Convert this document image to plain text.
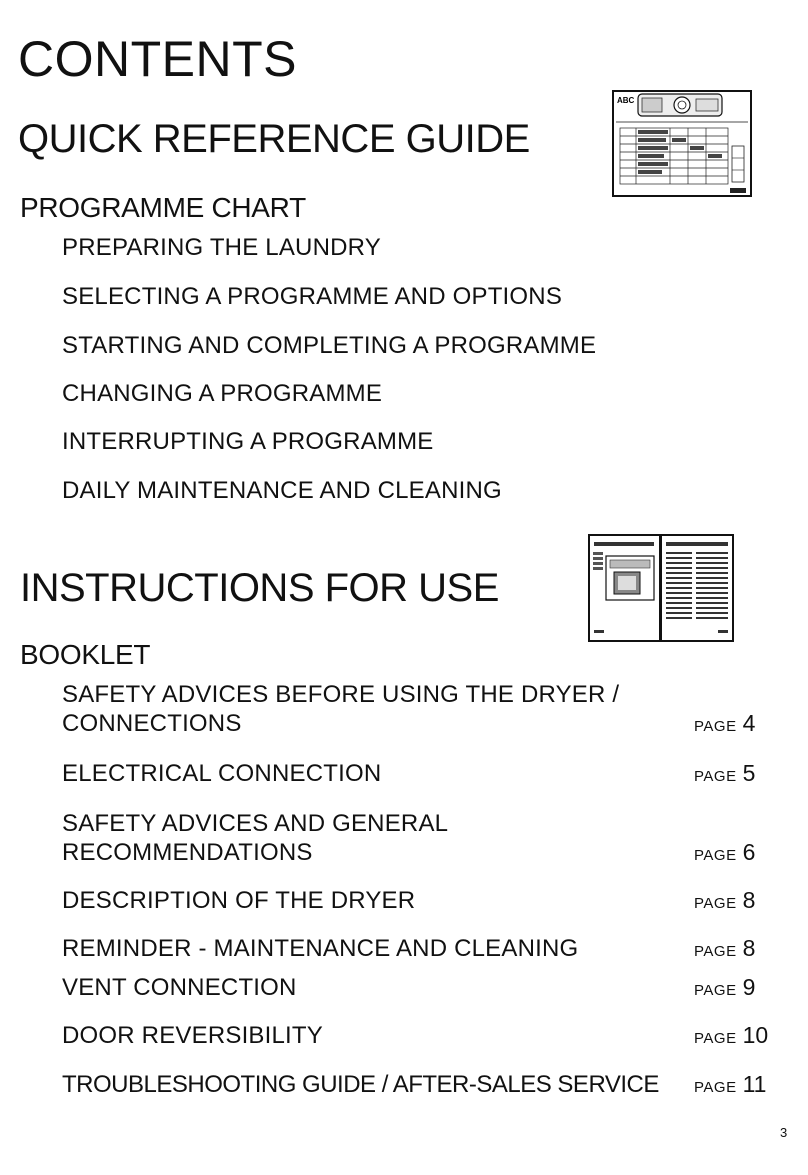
CONTENTS
QUICK REFERENCE GUIDE
PROGRAMME CHART
PREPARING THE LAUNDRY
SELECTING A PROGRAMME AND OPTIONS
STARTING AND COMPLETING A PROGRAMME
CHANGING A PROGRAMME
INTERRUPTING A PROGRAMME
DAILY MAINTENANCE AND CLEANING
ABC
INSTRUCTIONS FOR USE
BOOKLET
SAFETY ADVICES BEFORE USING THE DRYER /
CONNECTIONS	PAGE 4
ELECTRICAL CONNECTION	PAGE 5
SAFETY ADVICES AND GENERAL
RECOMMENDATIONS	PAGE 6
DESCRIPTION OF THE DRYER	PAGE 8
REMINDER - MAINTENANCE AND CLEANING	PAGE 8
VENT CONNECTION	PAGE 9
DOOR REVERSIBILITY	PAGE 10
TROUBLESHOOTING GUIDE / AFTER-SALES SERVICE PAGE 11
3
